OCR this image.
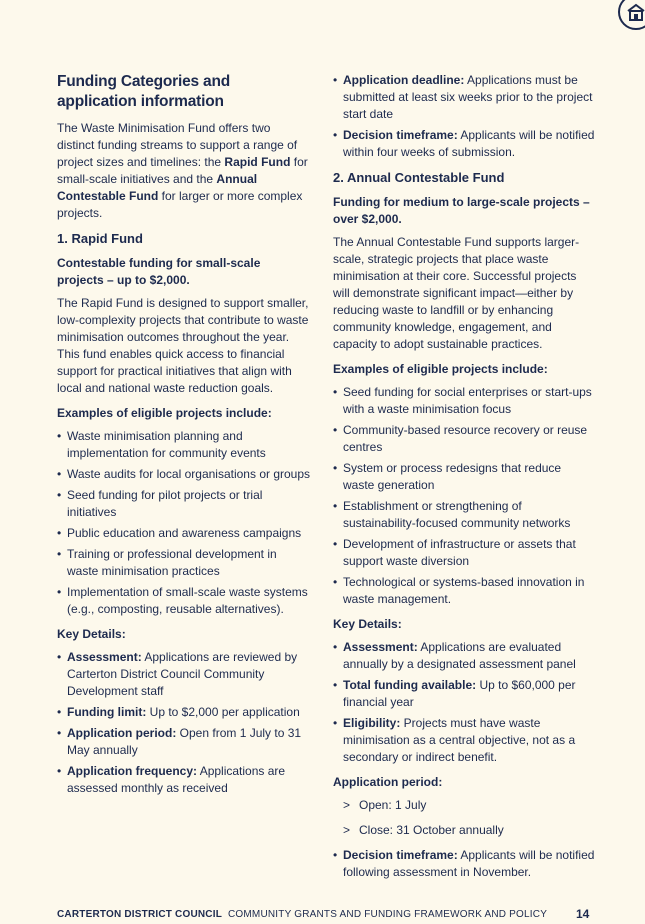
Funding Categories and application information

The Waste Minimisation Fund offers two distinct funding streams to support a range of project sizes and timelines: the Rapid Fund for small-scale initiatives and the Annual Contestable Fund for larger or more complex projects.

1. Rapid Fund
Contestable funding for small-scale projects – up to $2,000.

The Rapid Fund is designed to support smaller, low-complexity projects that contribute to waste minimisation outcomes throughout the year. This fund enables quick access to financial support for practical initiatives that align with local and national waste reduction goals.

Examples of eligible projects include:
• Waste minimisation planning and implementation for community events
• Waste audits for local organisations or groups
• Seed funding for pilot projects or trial initiatives
• Public education and awareness campaigns
• Training or professional development in waste minimisation practices
• Implementation of small-scale waste systems (e.g., composting, reusable alternatives).
Key Details:
• Assessment: Applications are reviewed by Carterton District Council Community Development staff
• Funding limit: Up to $2,000 per application
• Application period: Open from 1 July to 31 May annually
• Application frequency: Applications are assessed monthly as received
• Application deadline: Applications must be submitted at least six weeks prior to the project start date
• Decision timeframe: Applicants will be notified within four weeks of submission.
2. Annual Contestable Fund
Funding for medium to large-scale projects – over $2,000.

The Annual Contestable Fund supports larger-scale, strategic projects that place waste minimisation at their core. Successful projects will demonstrate significant impact—either by reducing waste to landfill or by enhancing community knowledge, engagement, and capacity to adopt sustainable practices.

Examples of eligible projects include:
• Seed funding for social enterprises or start-ups with a waste minimisation focus
• Community-based resource recovery or reuse centres
• System or process redesigns that reduce waste generation
• Establishment or strengthening of sustainability-focused community networks
• Development of infrastructure or assets that support waste diversion
• Technological or systems-based innovation in waste management.
Key Details:
• Assessment: Applications are evaluated annually by a designated assessment panel
• Total funding available: Up to $60,000 per financial year
• Eligibility: Projects must have waste minimisation as a central objective, not as a secondary or indirect benefit.
Application period:
> Open: 1 July
> Close: 31 October annually
• Decision timeframe: Applicants will be notified following assessment in November.
CARTERTON DISTRICT COUNCIL COMMUNITY GRANTS AND FUNDING FRAMEWORK AND POLICY	14
